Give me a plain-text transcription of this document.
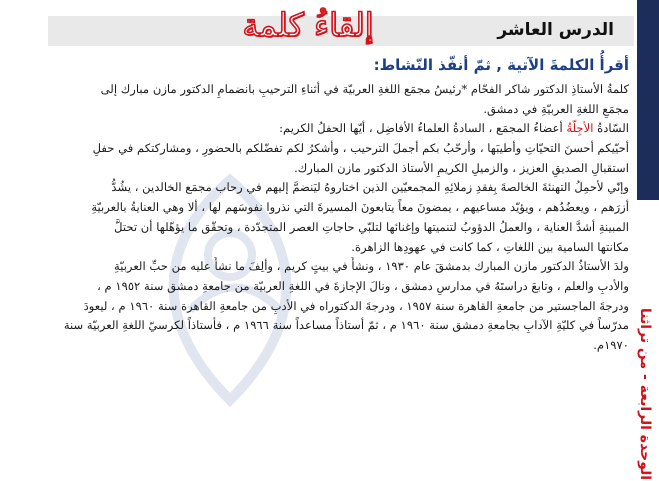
الدرس العاشر
إلقاءُ كلمة
الوحدة الرابعة - من تراثنا
أقرأُ الكلمةَ الآتية , ثمّ أنفّذ النّشاط:
كلمةُ الأستاذِ الدكتور شاكر الفحّام *رئيسُ مجمَع اللغةِ العربيّة في أثناءِ الترحيبِ بانضمامِ الدكتور مازن مبارك إلى
مجمَعِ اللغةِ العربيّةِ في دمشق.
السّادةُ الأجِلّةُ أعضاءُ المجمَع ، السادةُ العلماءُ الأفاضِل ، أيّها الحفلُ الكريم:
أحيّيكم أحسنَ التحيّاتِ وأطيبَها ، وأرحّبُ بكم أجملَ الترحيب ، وأشكرُ لكم تفضّلكم بالحضورِ ، ومشاركتكم في حفلِ
استقبالِ الصديقِ العزيز ، والزميلِ الكريمِ الأستاذ الدكتور مازن المبارك.
وإنّي لأحمِلُ التهنئةَ الخالصةَ بِفقدِ زملائِهِ المجمعيّين الذين اختاروهُ ليَنضمَّ إليهم في رحاب مجمَع الخالدين ، يشُدُّ
أزرَهم ، ويعضُدُهم ، ويؤيّد مساعيهم ، يمضونَ معاً يتابعونَ المسيرةَ التي نذروا نفوسَهم لها ، ألا وهي العنايةُ بالعربيّةِ
المبينةِ أشدَّ العناية ، والعملُ الدؤوبُ لتنميتها وإغنائها لتلبّي حاجاتِ العصر المتجدّدة ، وتحقّق ما يؤهّلها أن تحتلَّ
مكانتها السامية بين اللغاتِ ، كما كانت في عهودِها الزاهرة.
ولدَ الأستاذُ الدكتور مازن المبارك بدمشقَ عام ١٩٣٠ ، ونشأَ في بيتٍ كريم ، وألِفَ ما نشأَ عليه من حبِّ العربيّةِ
والأدبِ والعلم ، وتابعَ دراستَهُ في مدارسِ دمشق ، ونالَ الإجازةَ في اللغةِ العربيّة من جامعةِ دمشق سنة ١٩٥٢ م ،
ودرجةَ الماجستير من جامعةِ القاهرة سنة ١٩٥٧ ، ودرجةَ الدكتوراه في الأدبِ من جامعةِ القاهرة سنة ١٩٦٠ م ، ليعودَ
مدرّساً في كليّةِ الآدابِ بجامعةِ دمشق سنة ١٩٦٠ م ، ثمّ أستاذاً مساعداً سنة ١٩٦٦ م ، فأستاذاً لكرسيّ اللغةِ العربيّة سنة
١٩٧٠م.
